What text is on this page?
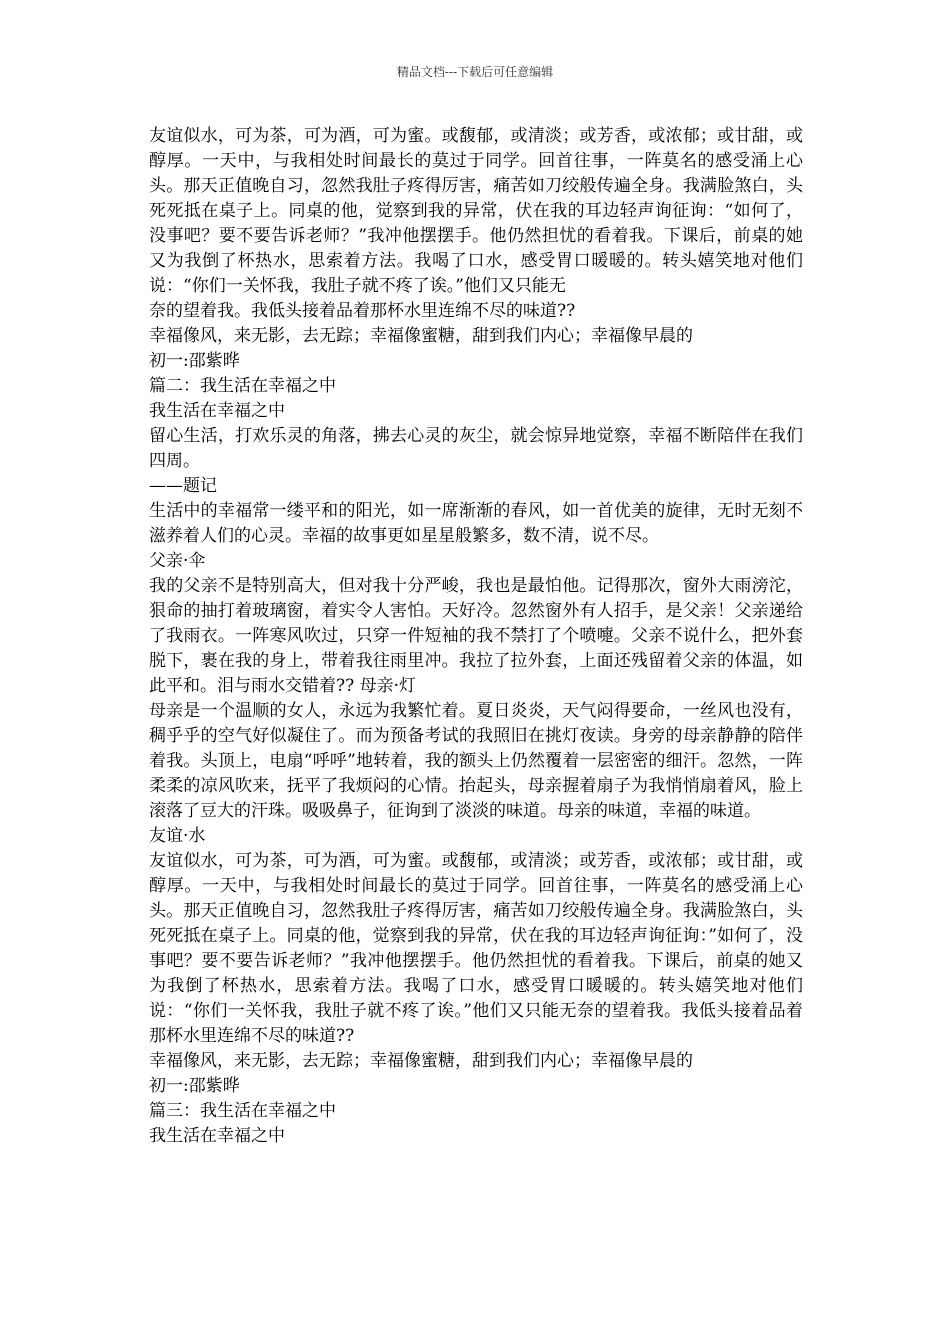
精品文档---下载后可任意编辑

友谊似水，可为茶，可为酒，可为蜜。或馥郁，或清淡；或芳香，或浓郁；或甘甜，或醇厚。一天中，与我相处时间最长的莫过于同学。回首往事，一阵莫名的感受涌上心头。那天正值晚自习，忽然我肚子疼得厉害，痛苦如刀绞般传遍全身。我满脸煞白，头死死抵在桌子上。同桌的他，觉察到我的异常，伏在我的耳边轻声询征询：“如何了，没事吧？要不要告诉老师？”我冲他摆摆手。他仍然担忧的看着我。下课后，前桌的她又为我倒了杯热水，思索着方法。我喝了口水，感受胃口暖暖的。转头嬉笑地对他们说：“你们一关怀我，我肚子就不疼了诶。”他们又只能无

奈的望着我。我低头接着品着那杯水里连绵不尽的味道??

幸福像风，来无影，去无踪；幸福像蜜糖，甜到我们内心；幸福像早晨的

初一:邵紫晔

篇二：我生活在幸福之中

我生活在幸福之中

留心生活，打欢乐灵的角落，拂去心灵的灰尘，就会惊异地觉察，幸福不断陪伴在我们四周。

——题记

生活中的幸福常一缕平和的阳光，如一席渐渐的春风，如一首优美的旋律，无时无刻不滋养着人们的心灵。幸福的故事更如星星般繁多，数不清，说不尽。

父亲·伞

我的父亲不是特别高大，但对我十分严峻，我也是最怕他。记得那次，窗外大雨滂沱，狠命的抽打着玻璃窗，着实令人害怕。天好冷。忽然窗外有人招手，是父亲！父亲递给了我雨衣。一阵寒风吹过，只穿一件短袖的我不禁打了个喷嚏。父亲不说什么，把外套脱下，裹在我的身上，带着我往雨里冲。我拉了拉外套，上面还残留着父亲的体温，如此平和。泪与雨水交错着?? 母亲·灯

母亲是一个温顺的女人，永远为我繁忙着。夏日炎炎，天气闷得要命，一丝风也没有，稠乎乎的空气好似凝住了。而为预备考试的我照旧在挑灯夜读。身旁的母亲静静的陪伴着我。头顶上，电扇“呼呼”地转着，我的额头上仍然覆着一层密密的细汗。忽然，一阵柔柔的凉风吹来，抚平了我烦闷的心情。抬起头，母亲握着扇子为我悄悄扇着风，脸上滚落了豆大的汗珠。吸吸鼻子，征询到了淡淡的味道。母亲的味道，幸福的味道。

友谊·水

友谊似水，可为茶，可为酒，可为蜜。或馥郁，或清淡；或芳香，或浓郁；或甘甜，或醇厚。一天中，与我相处时间最长的莫过于同学。回首往事，一阵莫名的感受涌上心头。那天正值晚自习，忽然我肚子疼得厉害，痛苦如刀绞般传遍全身。我满脸煞白，头死死抵在桌子上。同桌的他，觉察到我的异常，伏在我的耳边轻声询征询：”如何了，没事吧？要不要告诉老师？”我冲他摆摆手。他仍然担忧的看着我。下课后，前桌的她又为我倒了杯热水，思索着方法。我喝了口水，感受胃口暖暖的。转头嬉笑地对他们说：“你们一关怀我，我肚子就不疼了诶。”他们又只能无奈的望着我。我低头接着品着那杯水里连绵不尽的味道??

幸福像风，来无影，去无踪；幸福像蜜糖，甜到我们内心；幸福像早晨的

初一:邵紫晔

篇三：我生活在幸福之中

我生活在幸福之中
